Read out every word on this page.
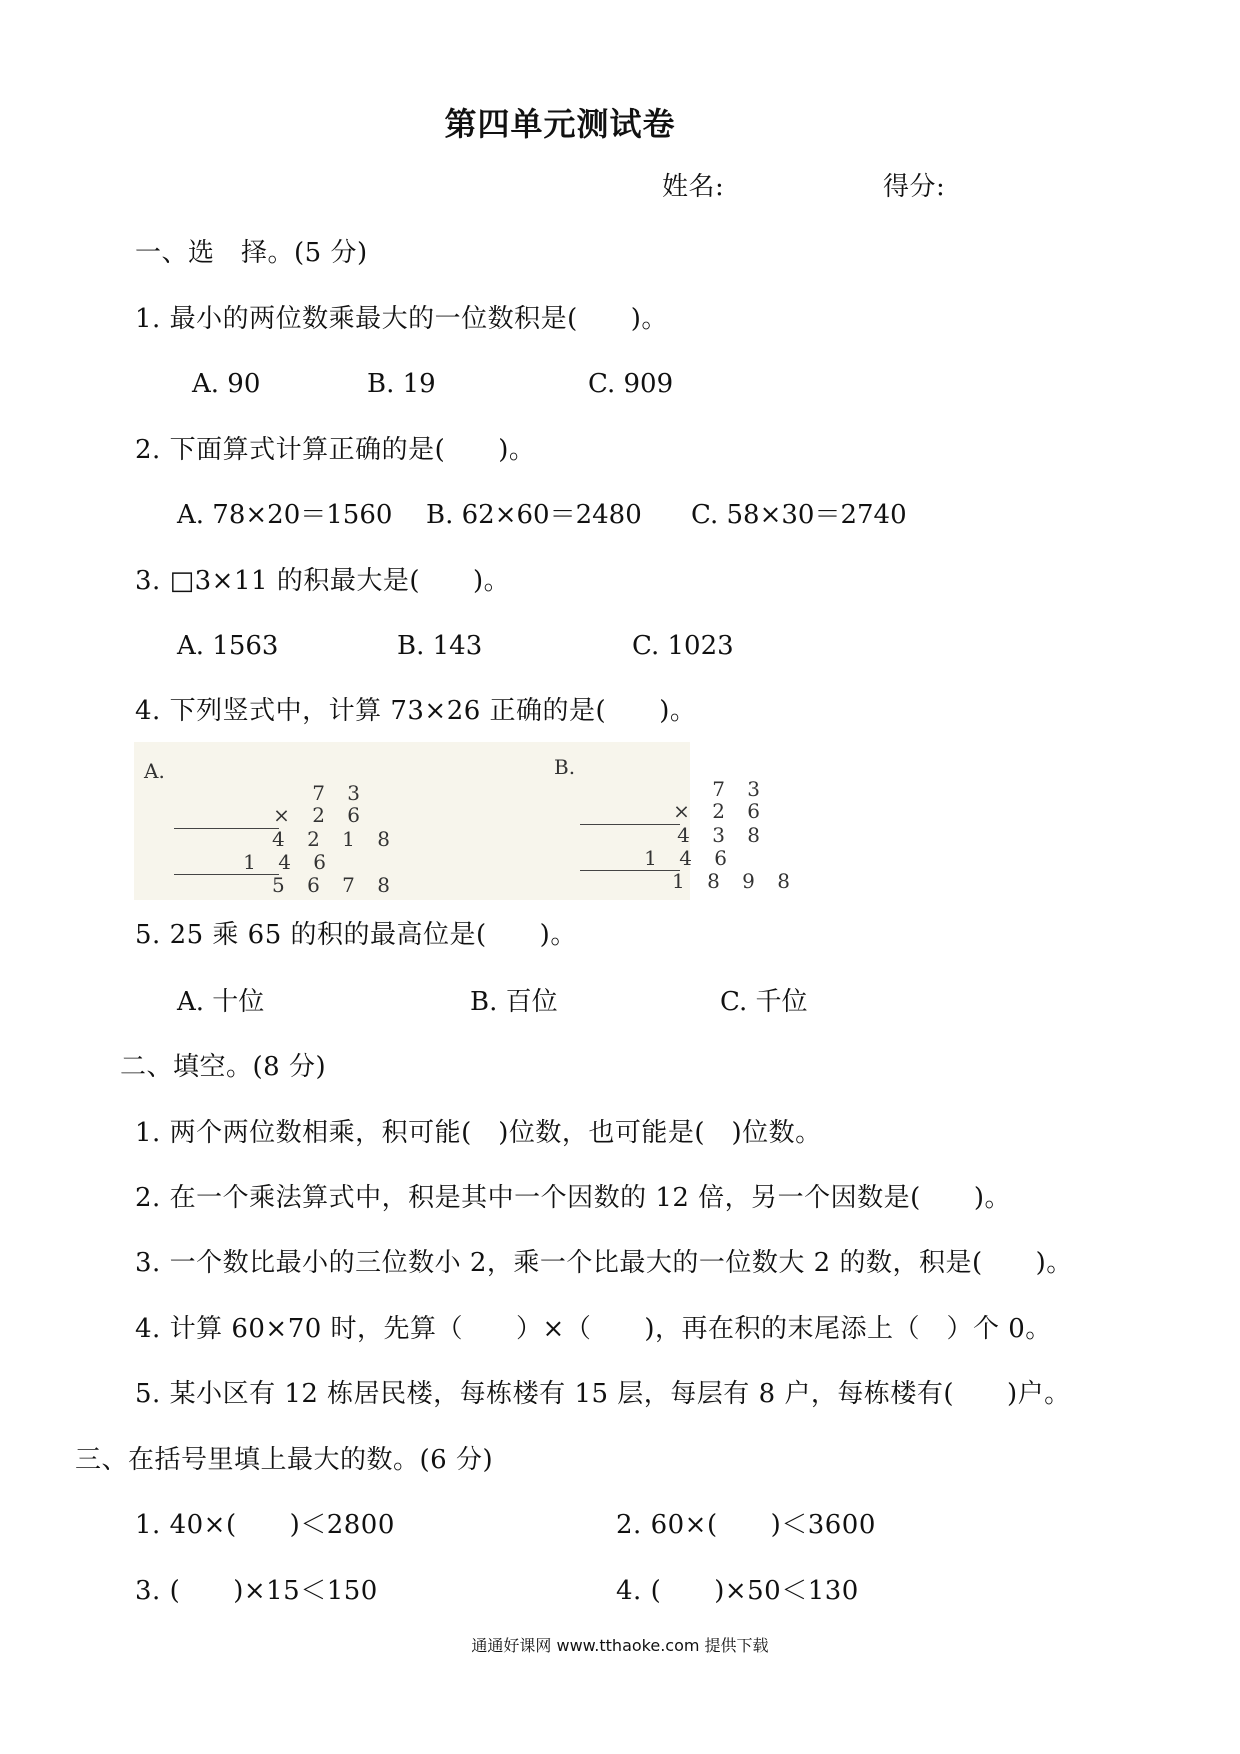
第四单元测试卷
姓名:	得分:
一、选　择。(5 分)
1. 最小的两位数乘最大的一位数积是(　　)。
A. 90	B. 19	C. 909
2. 下面算式计算正确的是(　　)。
A. 78×20＝1560 B. 62×60＝2480 C. 58×30＝2740
3. □3×11 的积最大是(　　)。
A. 1563	B. 143	C. 1023
4. 下列竖式中，计算 73×26 正确的是(　　)。
A.
7 3
× 2 6
4 2 1 8
1 4 6
5 6 7 8
B.
7 3
× 2 6
4 3 8
1 4 6
1 8 9 8
5. 25 乘 65 的积的最高位是(　　)。
A. 十位	B. 百位	C. 千位
二、填空。(8 分)
1. 两个两位数相乘，积可能(　)位数，也可能是(　)位数。
2. 在一个乘法算式中，积是其中一个因数的 12 倍，另一个因数是(　　)。
3. 一个数比最小的三位数小 2，乘一个比最大的一位数大 2 的数，积是(　　)。
4. 计算 60×70 时，先算（　　）×（　　)，再在积的末尾添上（　）个 0。
5. 某小区有 12 栋居民楼，每栋楼有 15 层，每层有 8 户，每栋楼有(　　)户。
三、在括号里填上最大的数。(6 分)
1. 40×(　　)＜2800	2. 60×(　　)＜3600
3. (　　)×15＜150	4. (　　)×50＜130
通通好课网 www.tthaoke.com 提供下载
